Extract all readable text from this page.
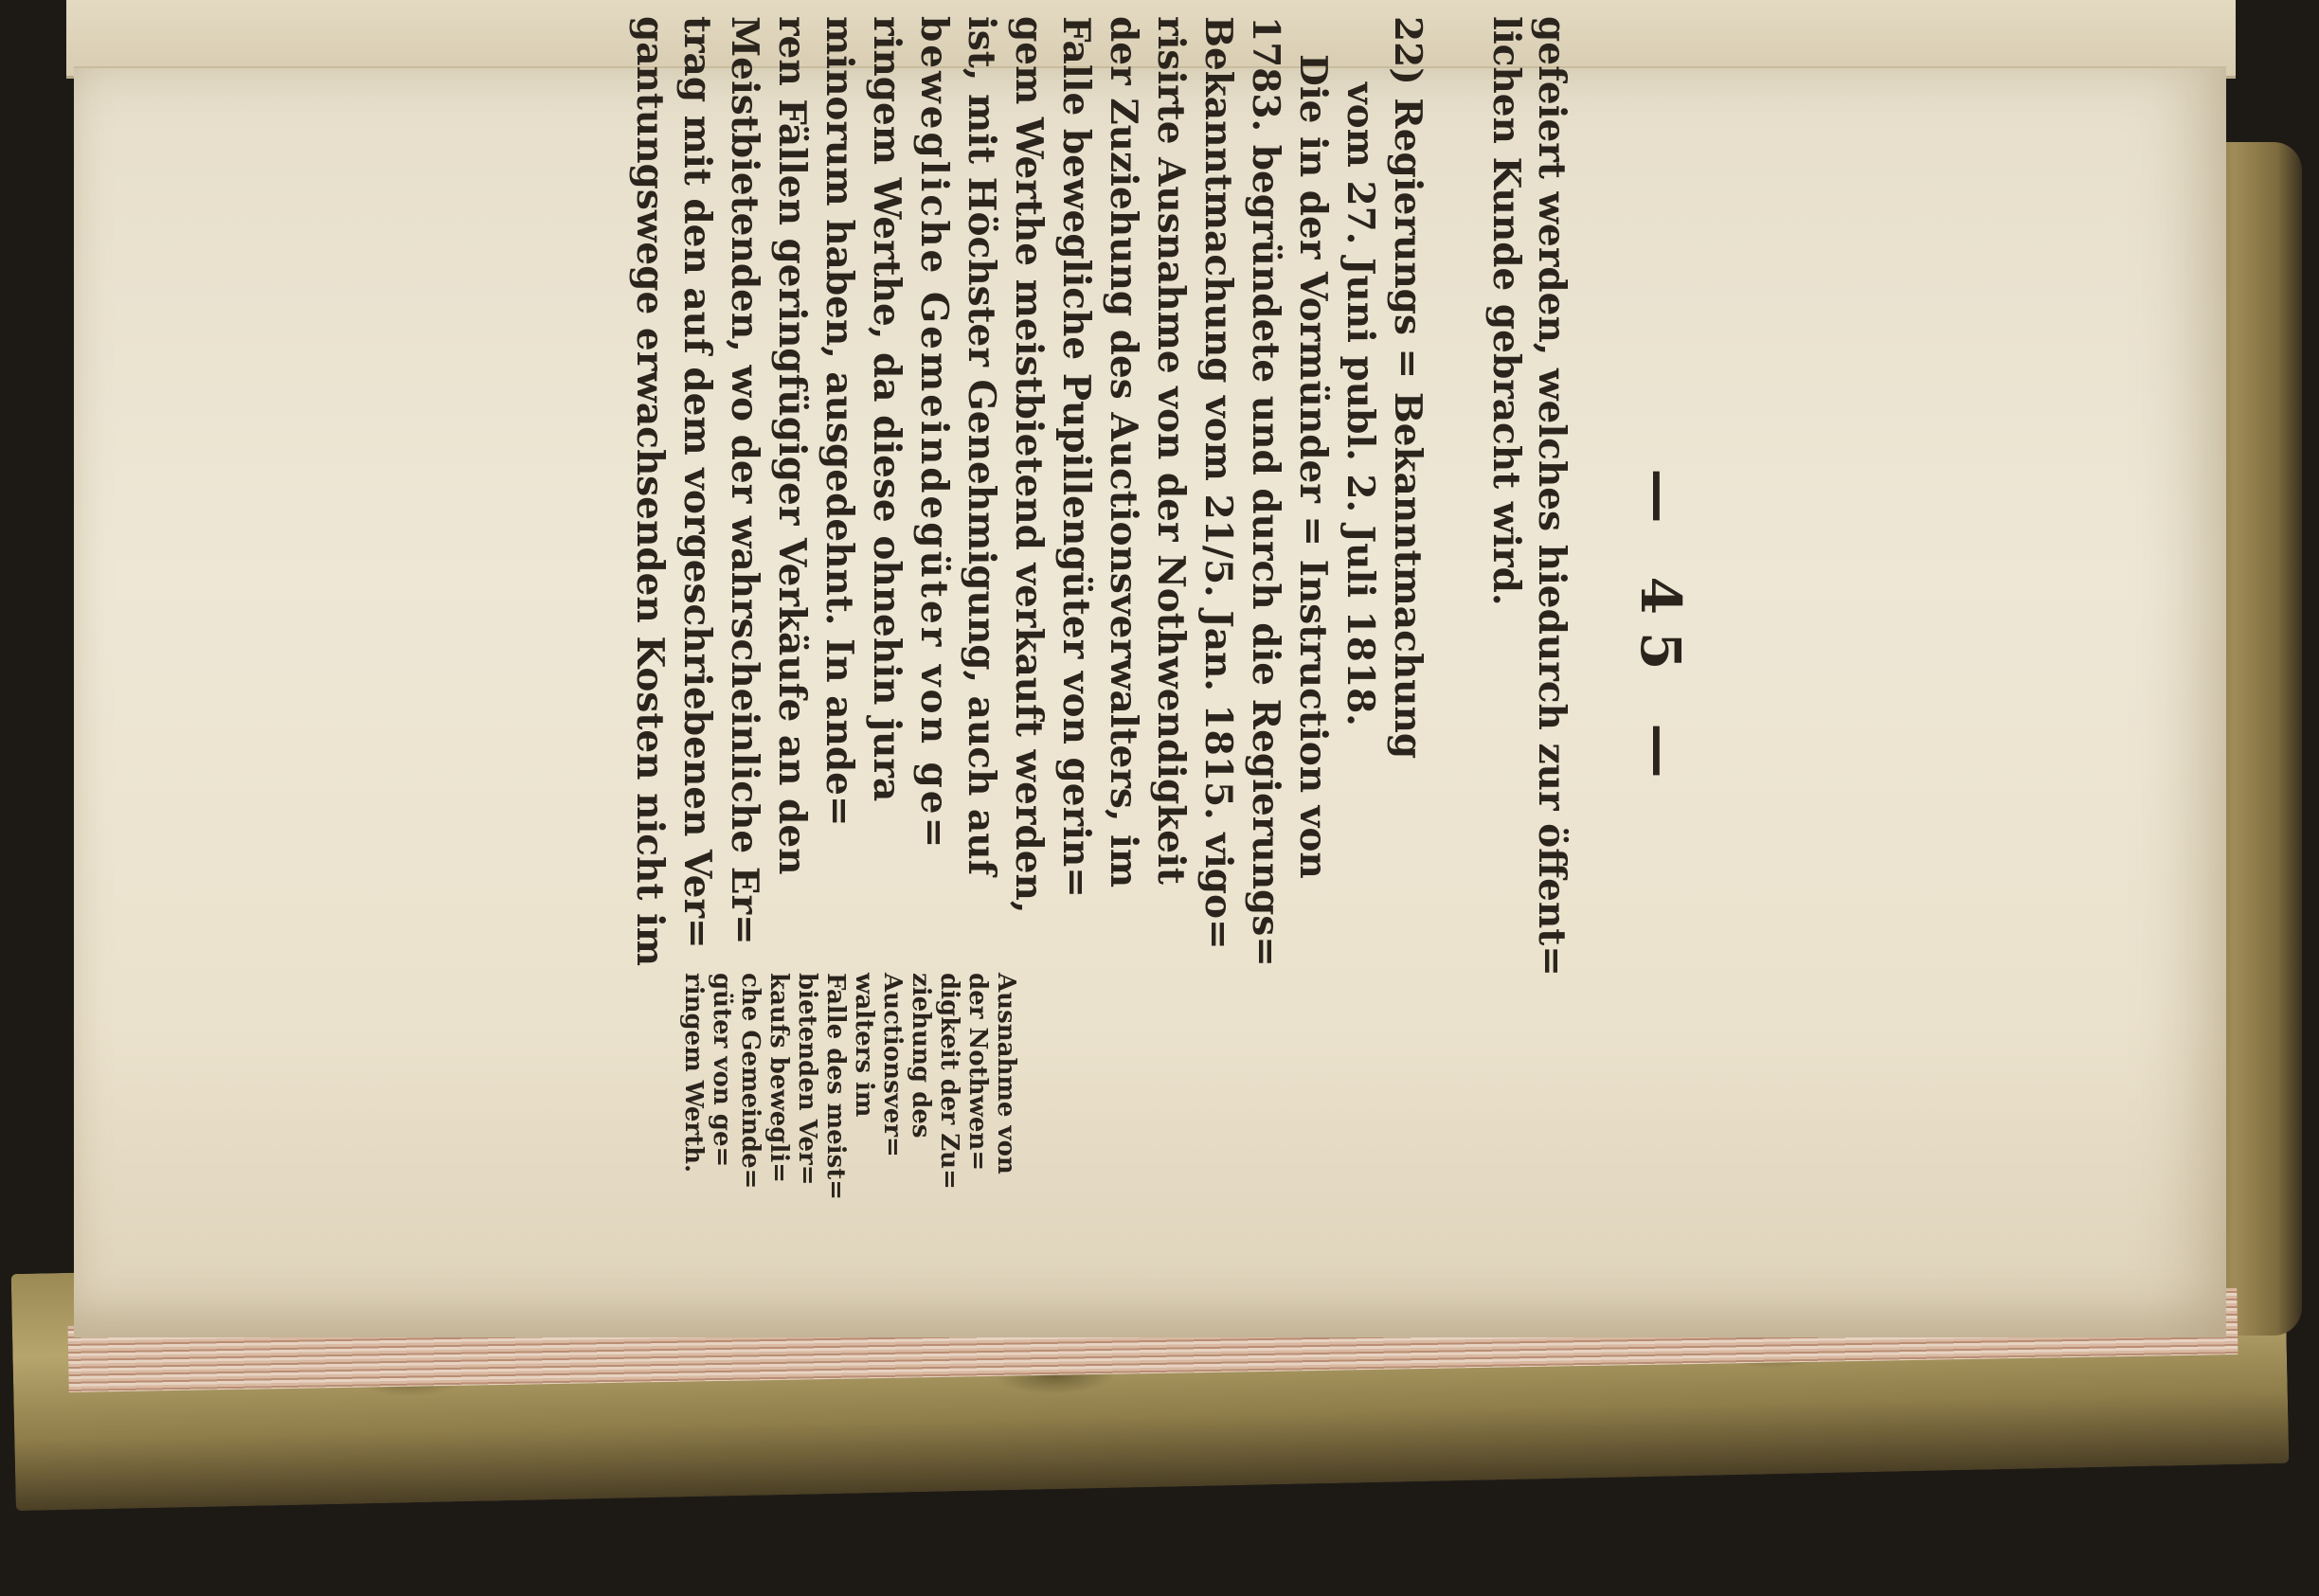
— 45 —
gefeiert werden, welches hiedurch zur öffent=
lichen Kunde gebracht wird.
22) Regierungs = Bekanntmachung
vom 27. Juni publ. 2. Juli 1818.
Die in der Vormünder = Instruction von
1783. begründete und durch die Regierungs=
Bekanntmachung vom 21/5. Jan. 1815. vigo=
risirte Ausnahme von der Nothwendigkeit
der Zuziehung des Auctionsverwalters, im
Falle bewegliche Pupillengüter von gerin=
gem Werthe meistbietend verkauft werden,
ist, mit Höchster Genehmigung, auch auf
bewegliche Gemeindegüter von ge=
ringem Werthe, da diese ohnehin jura
minorum haben, ausgedehnt. In ande=
ren Fällen geringfügiger Verkäufe an den
Meistbietenden, wo der wahrscheinliche Er=
trag mit den auf dem vorgeschriebenen Ver=
gantungswege erwachsenden Kosten nicht im
Ausnahme von
der Nothwen=
digkeit der Zu=
ziehung des
Auctionsver=
walters im
Falle des meist=
bietenden Ver=
kaufs bewegli=
che Gemeinde=
güter von ge=
ringem Werth.
